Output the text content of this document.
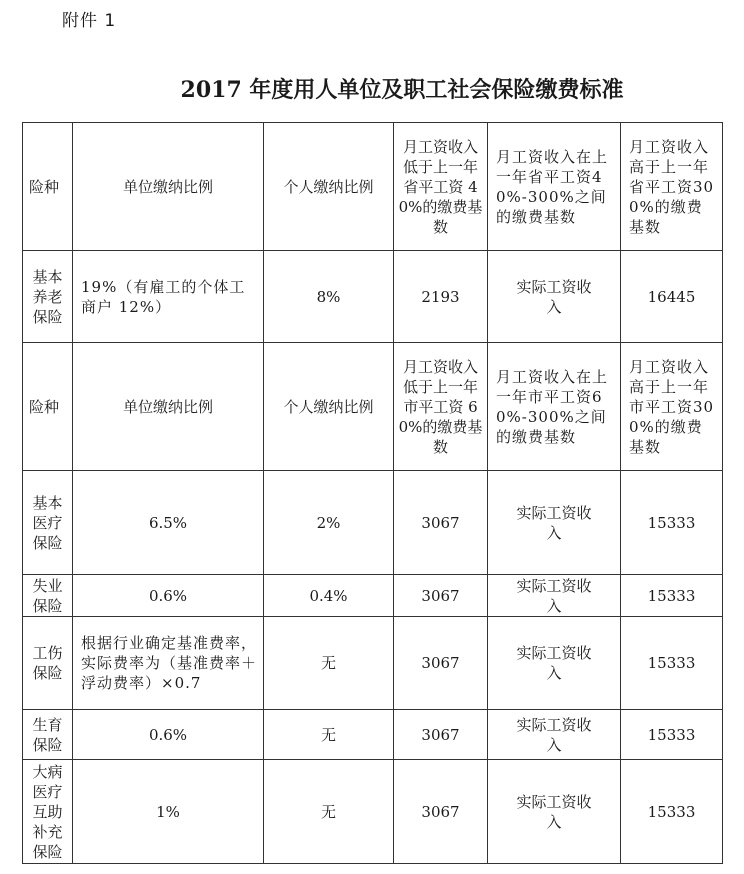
附件 1
2017 年度用人单位及职工社会保险缴费标准
险种	单位缴纳比例	个人缴纳比例	月工资收入低于上一年省平工资 40%的缴费基数	月工资收入在上一年省平工资40%-300%之间的缴费基数	月工资收入高于上一年省平工资300%的缴费基数

基本养老保险	19%（有雇工的个体工商户 12%）	8%	2193	实际工资收入	16445
险种	单位缴纳比例	个人缴纳比例	月工资收入低于上一年市平工资 60%的缴费基数	月工资收入在上一年市平工资60%-300%之间的缴费基数	月工资收入高于上一年市平工资300%的缴费基数

基本医疗保险	6.5%	2%	3067	实际工资收入	15333

失业保险	0.6%	0.4%	3067	实际工资收入	15333

工伤保险	根据行业确定基准费率，实际费率为（基准费率＋浮动费率）×0.7	无	3067	实际工资收入	15333

生育保险	0.6%	无	3067	实际工资收入	15333

大病医疗互助补充保险	1%	无	3067	实际工资收入	15333
